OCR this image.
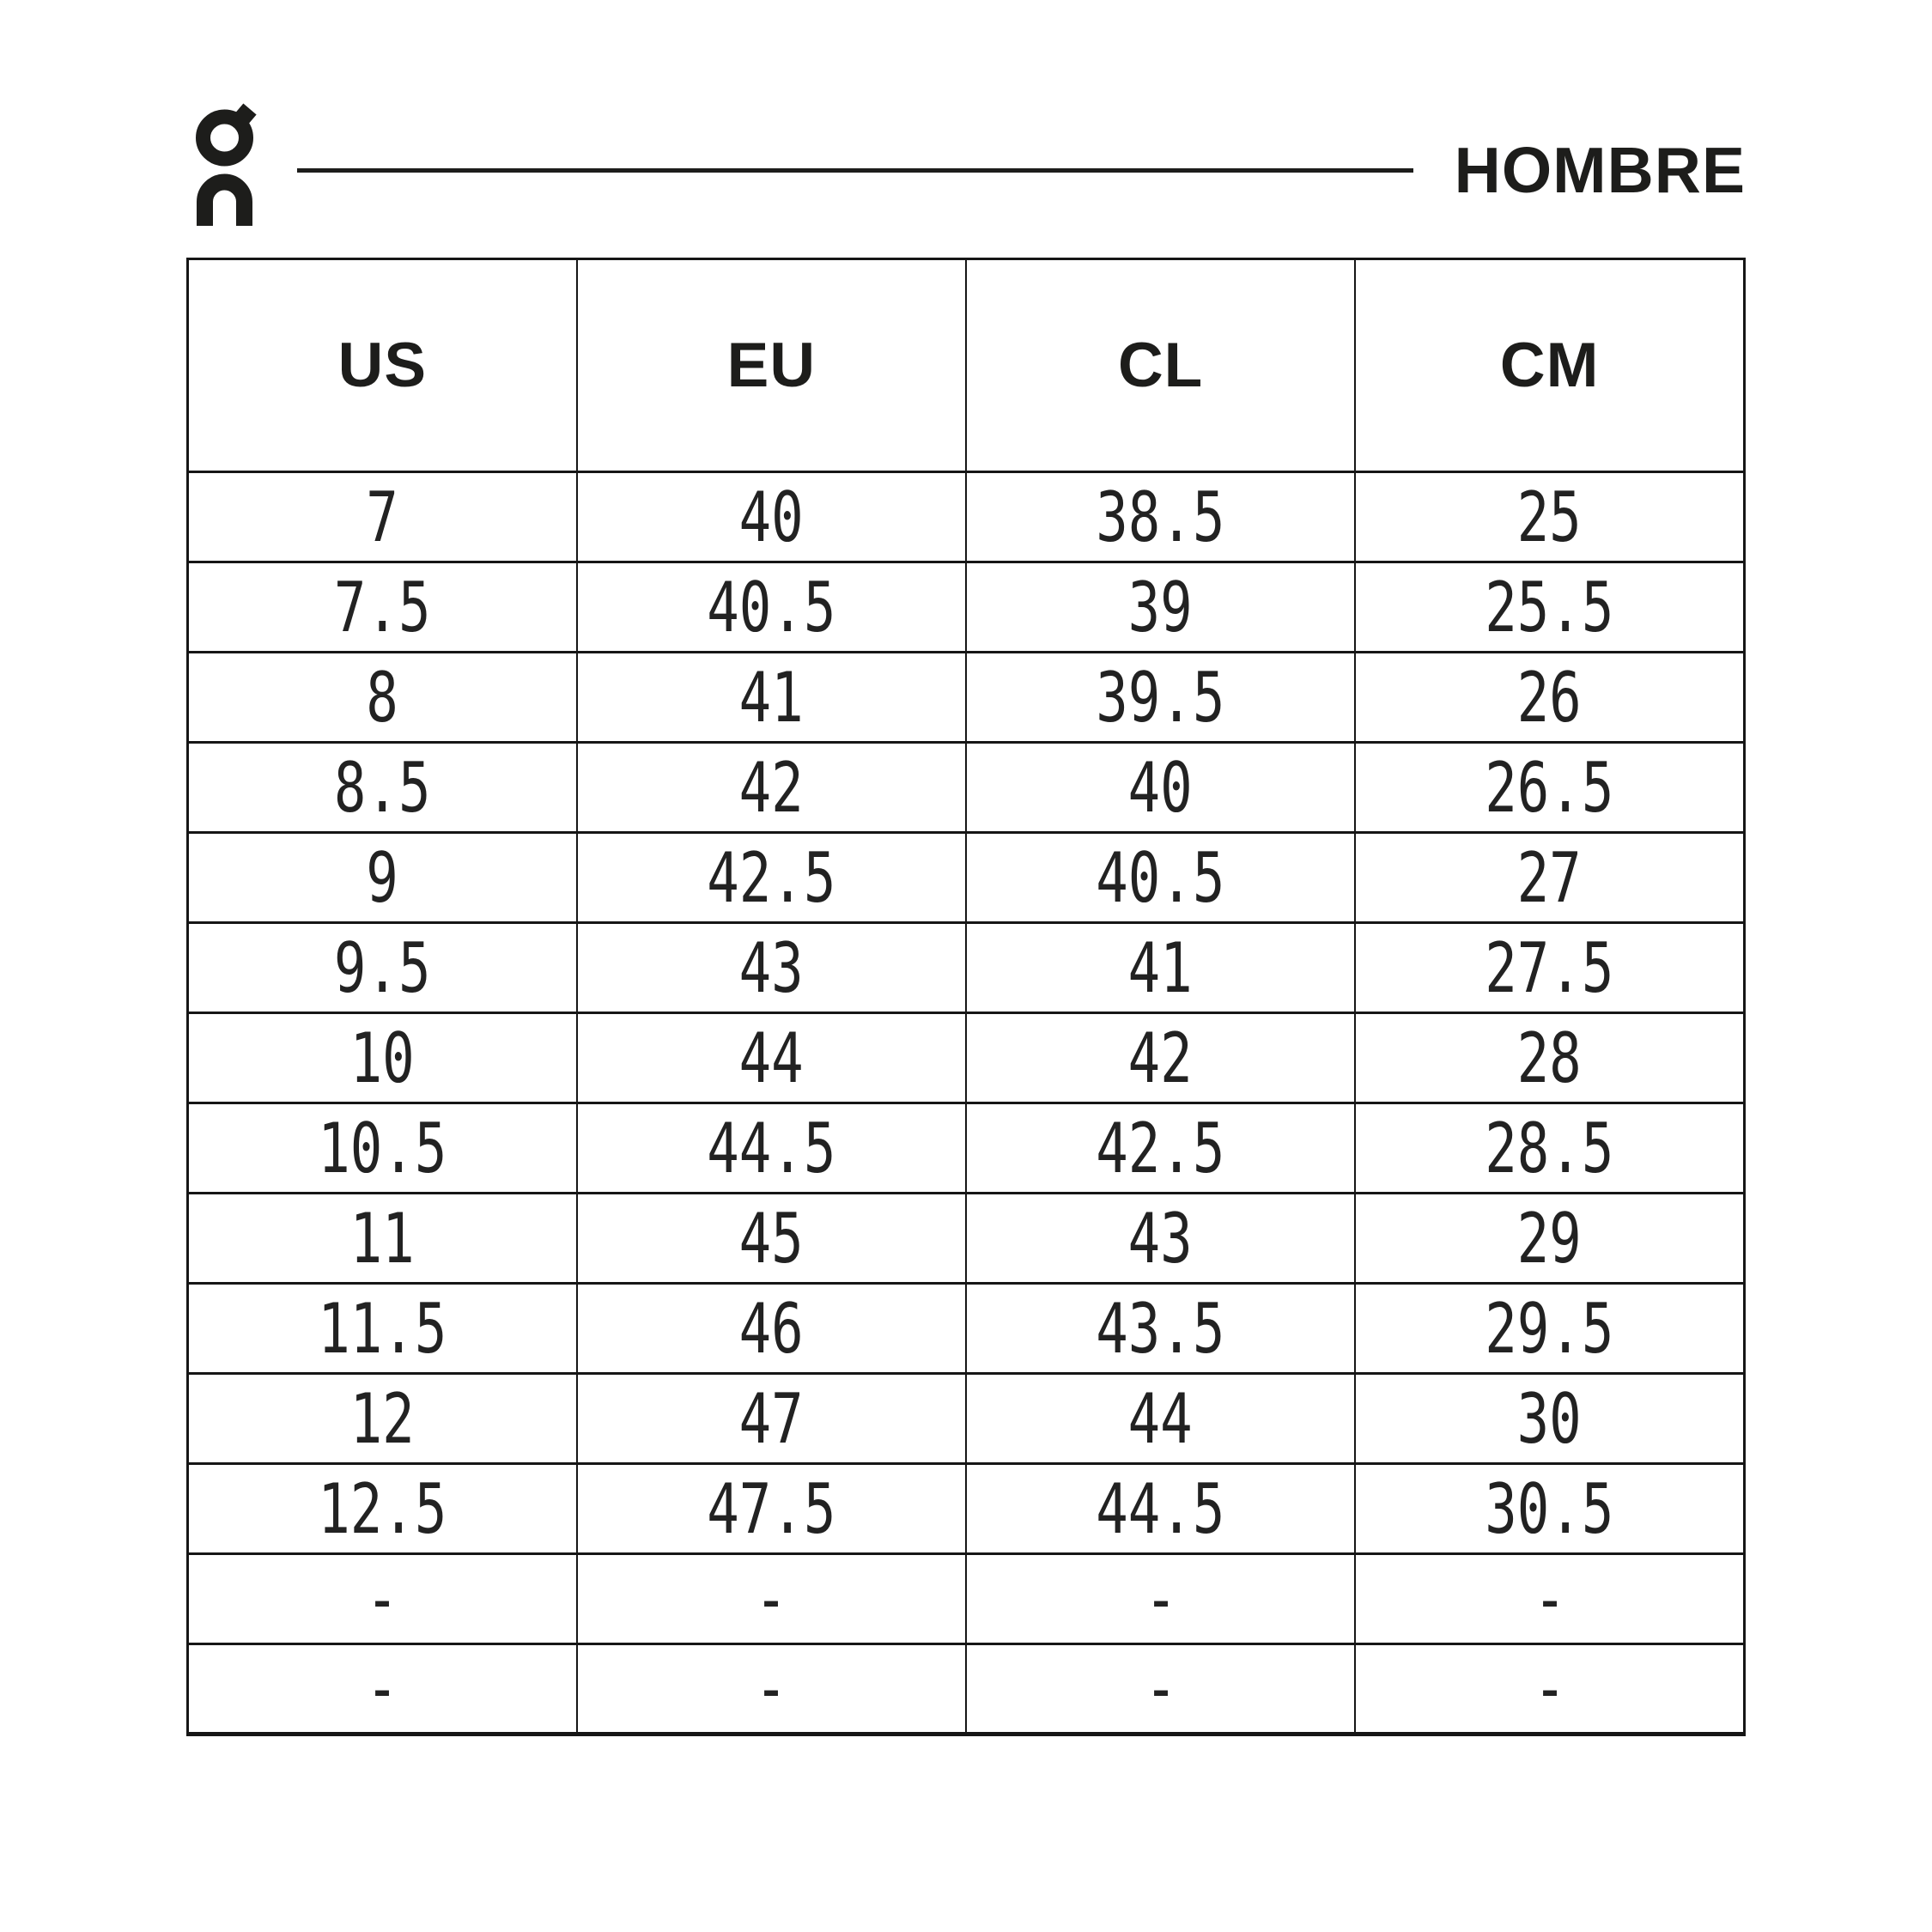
HOMBRE
US	EU	CL	CM
7	40	38.5	25
7.5	40.5	39	25.5
8	41	39.5	26
8.5	42	40	26.5
9	42.5	40.5	27
9.5	43	41	27.5
10	44	42	28
10.5	44.5	42.5	28.5
11	45	43	29
11.5	46	43.5	29.5
12	47	44	30
12.5	47.5	44.5	30.5
-	-	-	-
-	-	-	-
